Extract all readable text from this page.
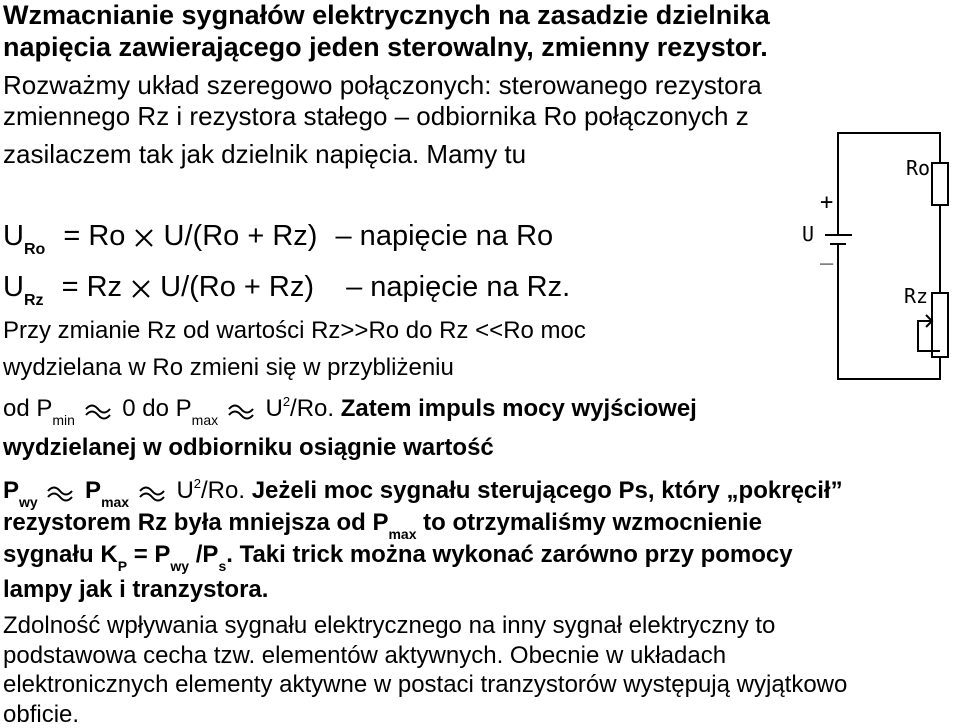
Wzmacnianie sygnałów elektrycznych na zasadzie dzielnika
napięcia zawierającego jeden sterowalny, zmienny rezystor.
Rozważmy układ szeregowo połączonych: sterowanego rezystora
zmiennego Rz i rezystora stałego – odbiornika Ro połączonych z
zasilaczem tak jak dzielnik napięcia. Mamy tu
$U_{Ro} = Ro$ U/(Ro + Rz) – napięcie na Ro
$U_{Rz} = Rz$ U/(Ro + Rz) – napięcie na Rz.
Przy zmianie Rz od wartości Rz>>Ro do Rz <<Ro moc
wydzielana w Ro zmieni się w przybliżeniu
od $P_{min}$ 0 do $P_{max}$ $U^2/Ro$. Zatem impuls mocy wyjściowej
wydzielanej w odbiorniku osiągnie wartość
$P_{wy}$ $P_{max}$ $U^2/Ro$. Jeżeli moc sygnału sterującego Ps, który „pokręcił”
rezystorem Rz była mniejsza od $P_{max}$ to otrzymaliśmy wzmocnienie
sygnału $K_P = P_{wy}$ $/P_s$. Taki trick można wykonać zarówno przy pomocy
lampy jak i tranzystora.
Zdolność wpływania sygnału elektrycznego na inny sygnał elektryczny to
podstawowa cecha tzw. elementów aktywnych. Obecnie w układach
elektronicznych elementy aktywne w postaci tranzystorów występują wyjątkowo
obficie.
Ro
Rz
U
+
_
